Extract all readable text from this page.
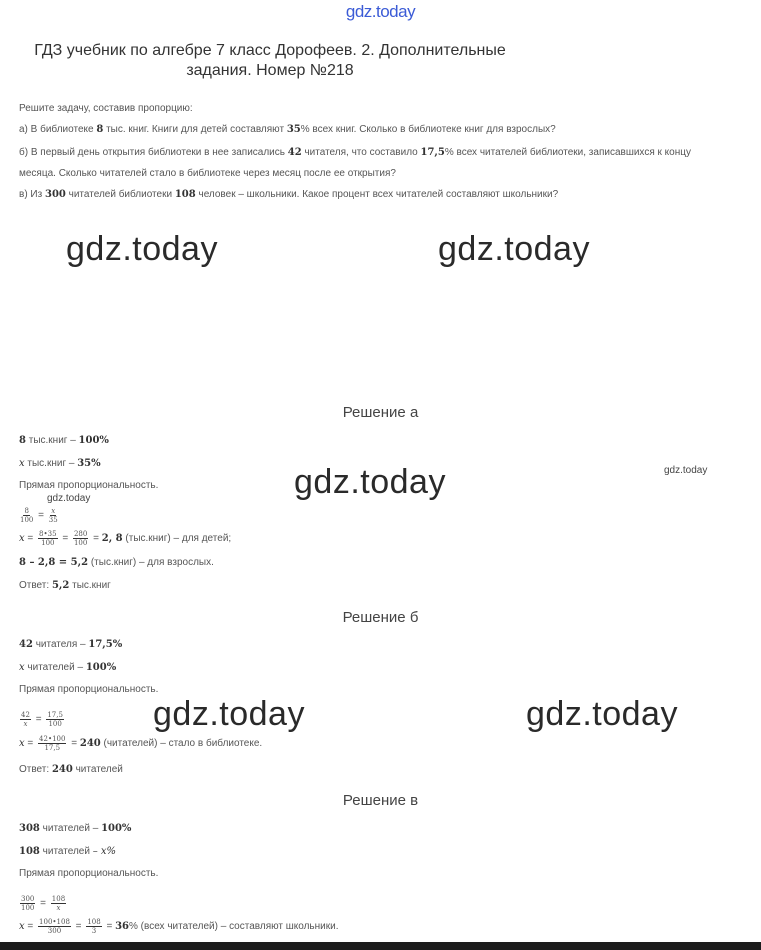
gdz.today
ГДЗ учебник по алгебре 7 класс Дорофеев. 2. Дополнительные задания. Номер №218
Решите задачу, составив пропорцию:
а) В библиотеке 8 тыс. книг. Книги для детей составляют 35% всех книг. Сколько в библиотеке книг для взрослых?
б) В первый день открытия библиотеки в нее записались 42 читателя, что составило 17,5% всех читателей библиотеки, записавшихся к концу
месяца. Сколько читателей стало в библиотеке через месяц после ее открытия?
в) Из 300 читателей библиотеки 108 человек – школьники. Какое процент всех читателей составляют школьники?
gdz.today	gdz.today
gdz.today	gdz.today
gdz.today
gdz.today	gdz.today
Решение а
8 тыс.книг – 100%
x тыс.книг – 35%
Прямая пропорциональность.
$\frac{8}{100} = \frac{x}{35}$
$x = \frac{8•35}{100} = \frac{280}{100} = 2$, 8 (тыс.книг) – для детей;
8 – 2,8 = 5,2 (тыс.книг) – для взрослых.
Ответ: 5,2 тыс.книг
Решение б
42 читателя – 17,5%
x читателей – 100%
Прямая пропорциональность.
$\frac{42}{x} = \frac{17,5}{100}$
$x = \frac{42•100}{17,5} = 240$ (читателей) – стало в библиотеке.
Ответ: 240 читателей
Решение в
308 читателей – 100%
108 читателей – x%
Прямая пропорциональность.
$\frac{300}{100} = \frac{108}{x}$
$x = \frac{100•108}{300} = \frac{108}{3} = 36\%$ (всех читателей) – составляют школьники.
